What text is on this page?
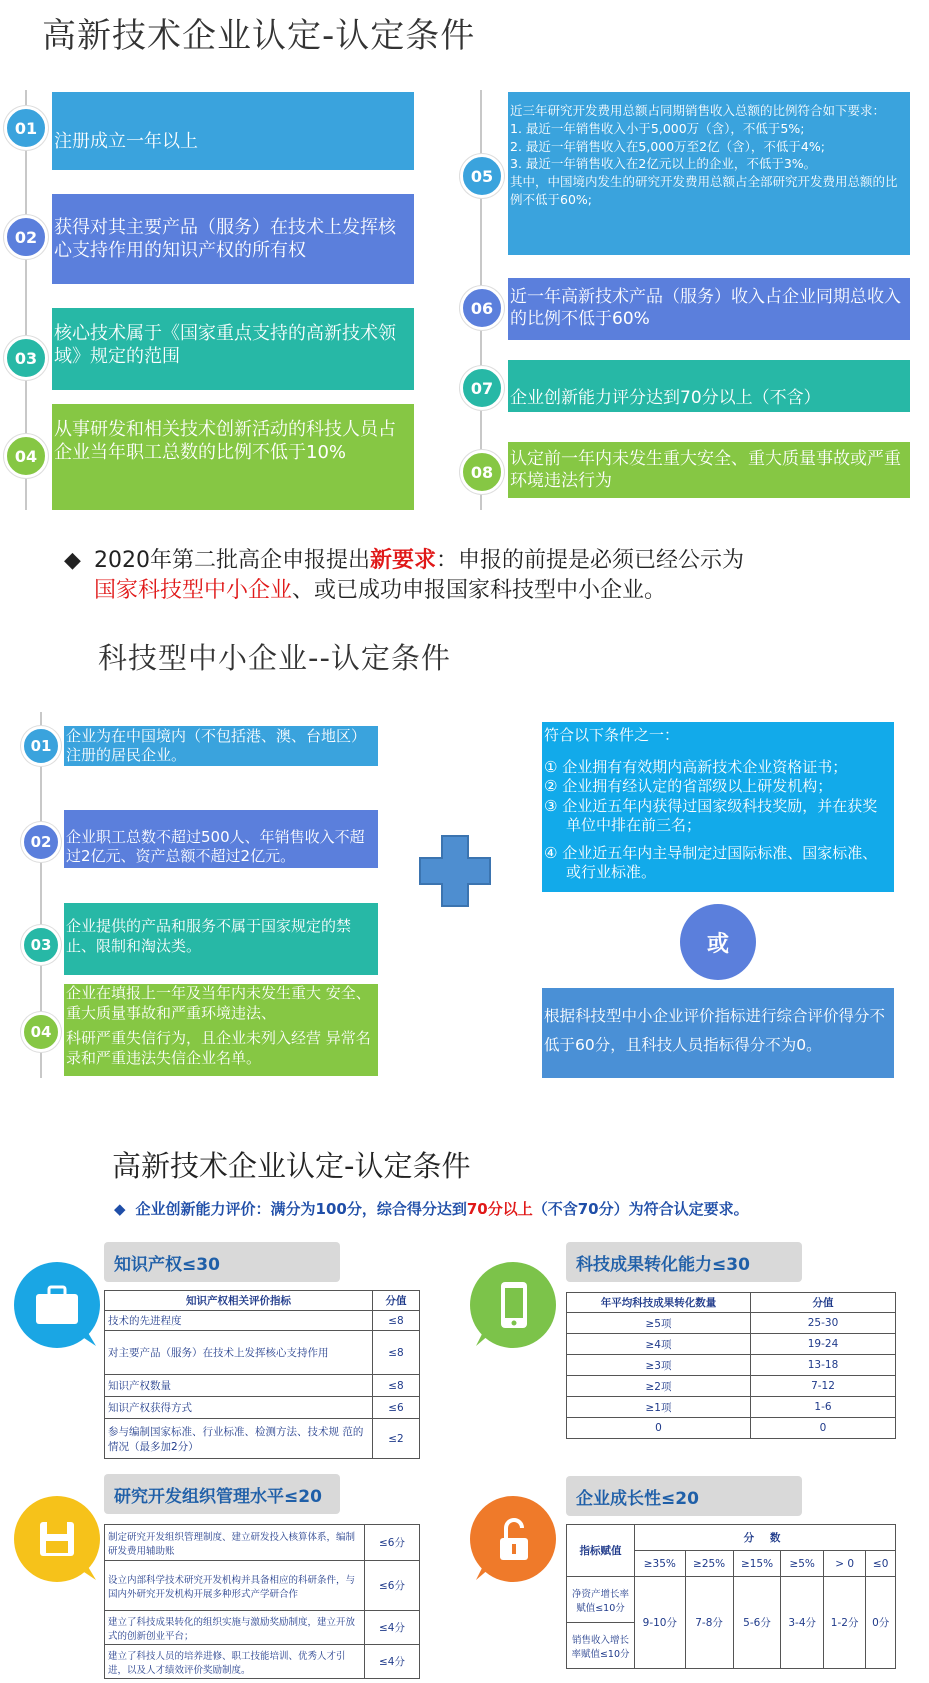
高新技术企业认定-认定条件
01
注册成立一年以上
02 获得对其主要产品（服务）在技术上发挥核心支持作用的知识产权的所有权
03
核心技术属于《国家重点支持的高新技术领域》规定的范围
04
从事研发和相关技术创新活动的科技人员占企业当年职工总数的比例不低于10%
05
近三年研究开发费用总额占同期销售收入总额的比例符合如下要求：
1. 最近一年销售收入小于5,000万（含），不低于5%;
2. 最近一年销售收入在5,000万至2亿（含），不低于4%;
3. 最近一年销售收入在2亿元以上的企业，不低于3%。
其中，中国境内发生的研究开发费用总额占全部研究开发费用总额的比例不低于60%;
06
近一年高新技术产品（服务）收入占企业同期总收入的比例不低于60%
07 企业创新能力评分达到70分以上（不含）
08
认定前一年内未发生重大安全、重大质量事故或严重环境违法行为
◆ 2020年第二批高企申报提出新要求：申报的前提是必须已经公示为
国家科技型中小企业、或已成功申报国家科技型中小企业。
科技型中小企业--认定条件
01
企业为在中国境内（不包括港、澳、台地区）注册的居民企业。
02 企业职工总数不超过500人、年销售收入不超过2亿元、资产总额不超过2亿元。
03
企业提供的产品和服务不属于国家规定的禁止、限制和淘汰类。
04
企业在填报上一年及当年内未发生重大 安全、重大质量事故和严重环境违法、
科研严重失信行为，且企业未列入经营 异常名录和严重违法失信企业名单。
符合以下条件之一：
① 企业拥有有效期内高新技术企业资格证书；
② 企业拥有经认定的省部级以上研发机构；
③ 企业近五年内获得过国家级科技奖励，并在获奖单位中排在前三名；
④ 企业近五年内主导制定过国际标准、国家标准、或行业标准。
或
根据科技型中小企业评价指标进行综合评价得分不低于60分，且科技人员指标得分不为0。
高新技术企业认定-认定条件
◆ 企业创新能力评价：满分为100分，综合得分达到70分以上（不含70分）为符合认定要求。
知识产权≤30
知识产权相关评价指标	分值
技术的先进程度	≤8
对主要产品（服务）在技术上发挥核心支持作用	≤8
知识产权数量	≤8
知识产权获得方式	≤6
参与编制国家标准、行业标准、检测方法、技术规 范的情况（最多加2分）	≤2
科技成果转化能力≤30
年平均科技成果转化数量	分值
≥5项	25-30
≥4项	19-24
≥3项	13-18
≥2项	7-12
≥1项	1-6
0	0
研究开发组织管理水平≤20
制定研究开发组织管理制度、建立研发投入核算体系，编制研发费用辅助账	≤6分
设立内部科学技术研究开发机构并具备相应的科研条件，与国内外研究开发机构开展多种形式产学研合作	≤6分
建立了科技成果转化的组织实施与激励奖励制度，建立开放式的创新创业平台；	≤4分
建立了科技人员的培养进修、职工技能培训、优秀人才引进，以及人才绩效评价奖励制度。	≤4分
企业成长性≤20
指标赋值	分 数					
	≥35%	≥25%	≥15%	≥5%	> 0	≤0
净资产增长率赋值≤10分	9-10分	7-8分	5-6分	3-4分	1-2分	0分
销售收入增长率赋值≤10分						
